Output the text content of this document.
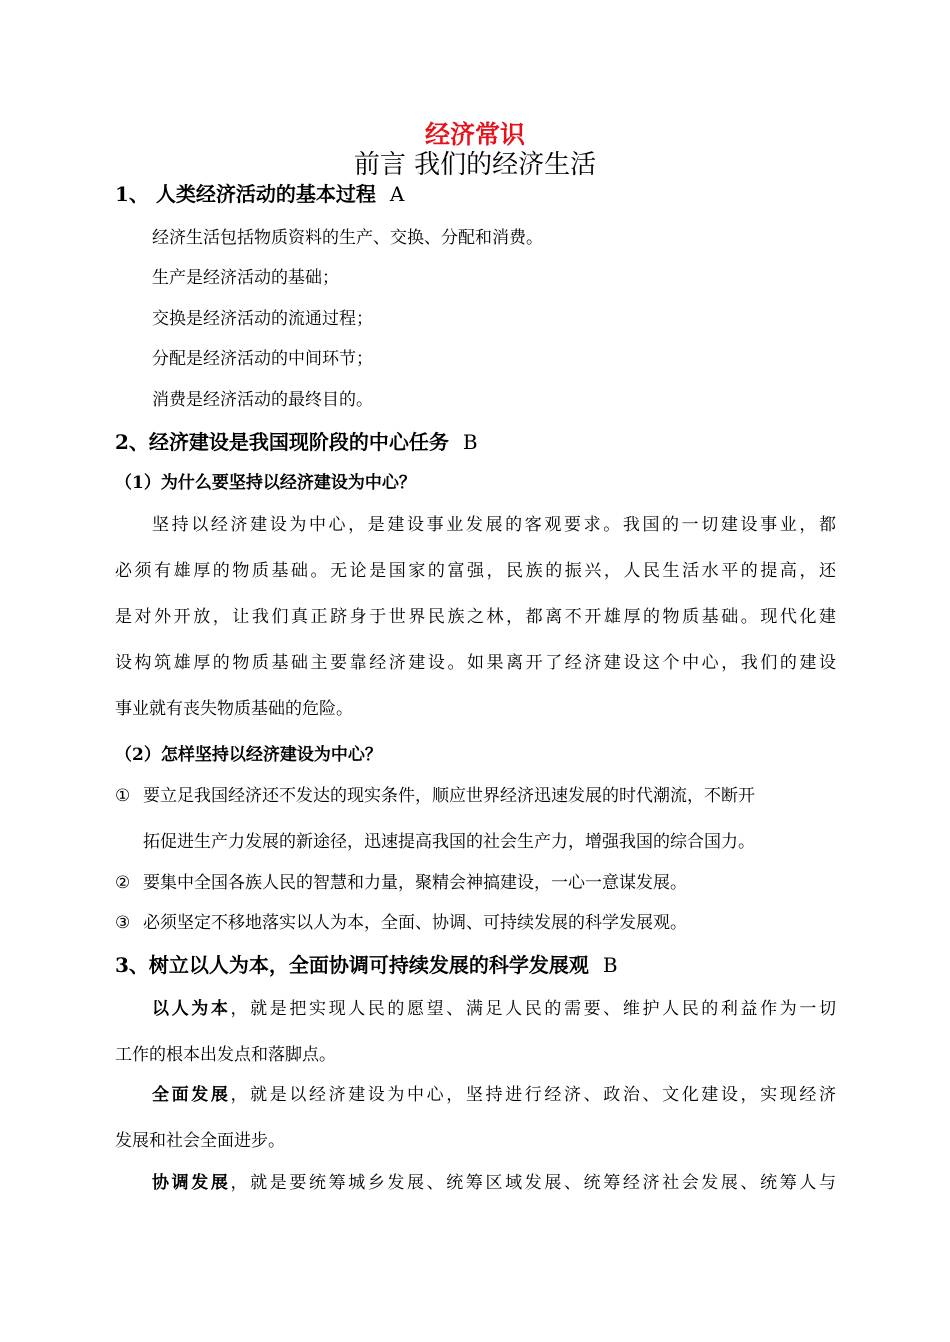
经济常识
前言 我们的经济生活
1、 人类经济活动的基本过程 A
经济生活包括物质资料的生产、交换、分配和消费。
生产是经济活动的基础；
交换是经济活动的流通过程；
分配是经济活动的中间环节；
消费是经济活动的最终目的。
2、经济建设是我国现阶段的中心任务 B
（1）为什么要坚持以经济建设为中心？
坚持以经济建设为中心，是建设事业发展的客观要求。我国的一切建设事业，都
必须有雄厚的物质基础。无论是国家的富强，民族的振兴，人民生活水平的提高，还
是对外开放，让我们真正跻身于世界民族之林，都离不开雄厚的物质基础。现代化建
设构筑雄厚的物质基础主要靠经济建设。如果离开了经济建设这个中心，我们的建设
事业就有丧失物质基础的危险。
（2）怎样坚持以经济建设为中心？
① 要立足我国经济还不发达的现实条件，顺应世界经济迅速发展的时代潮流，不断开
拓促进生产力发展的新途径，迅速提高我国的社会生产力，增强我国的综合国力。
② 要集中全国各族人民的智慧和力量，聚精会神搞建设，一心一意谋发展。
③ 必须坚定不移地落实以人为本，全面、协调、可持续发展的科学发展观。
3、树立以人为本，全面协调可持续发展的科学发展观 B
以人为本，就是把实现人民的愿望、满足人民的需要、维护人民的利益作为一切
工作的根本出发点和落脚点。
全面发展，就是以经济建设为中心，坚持进行经济、政治、文化建设，实现经济
发展和社会全面进步。
协调发展，就是要统筹城乡发展、统筹区域发展、统筹经济社会发展、统筹人与
